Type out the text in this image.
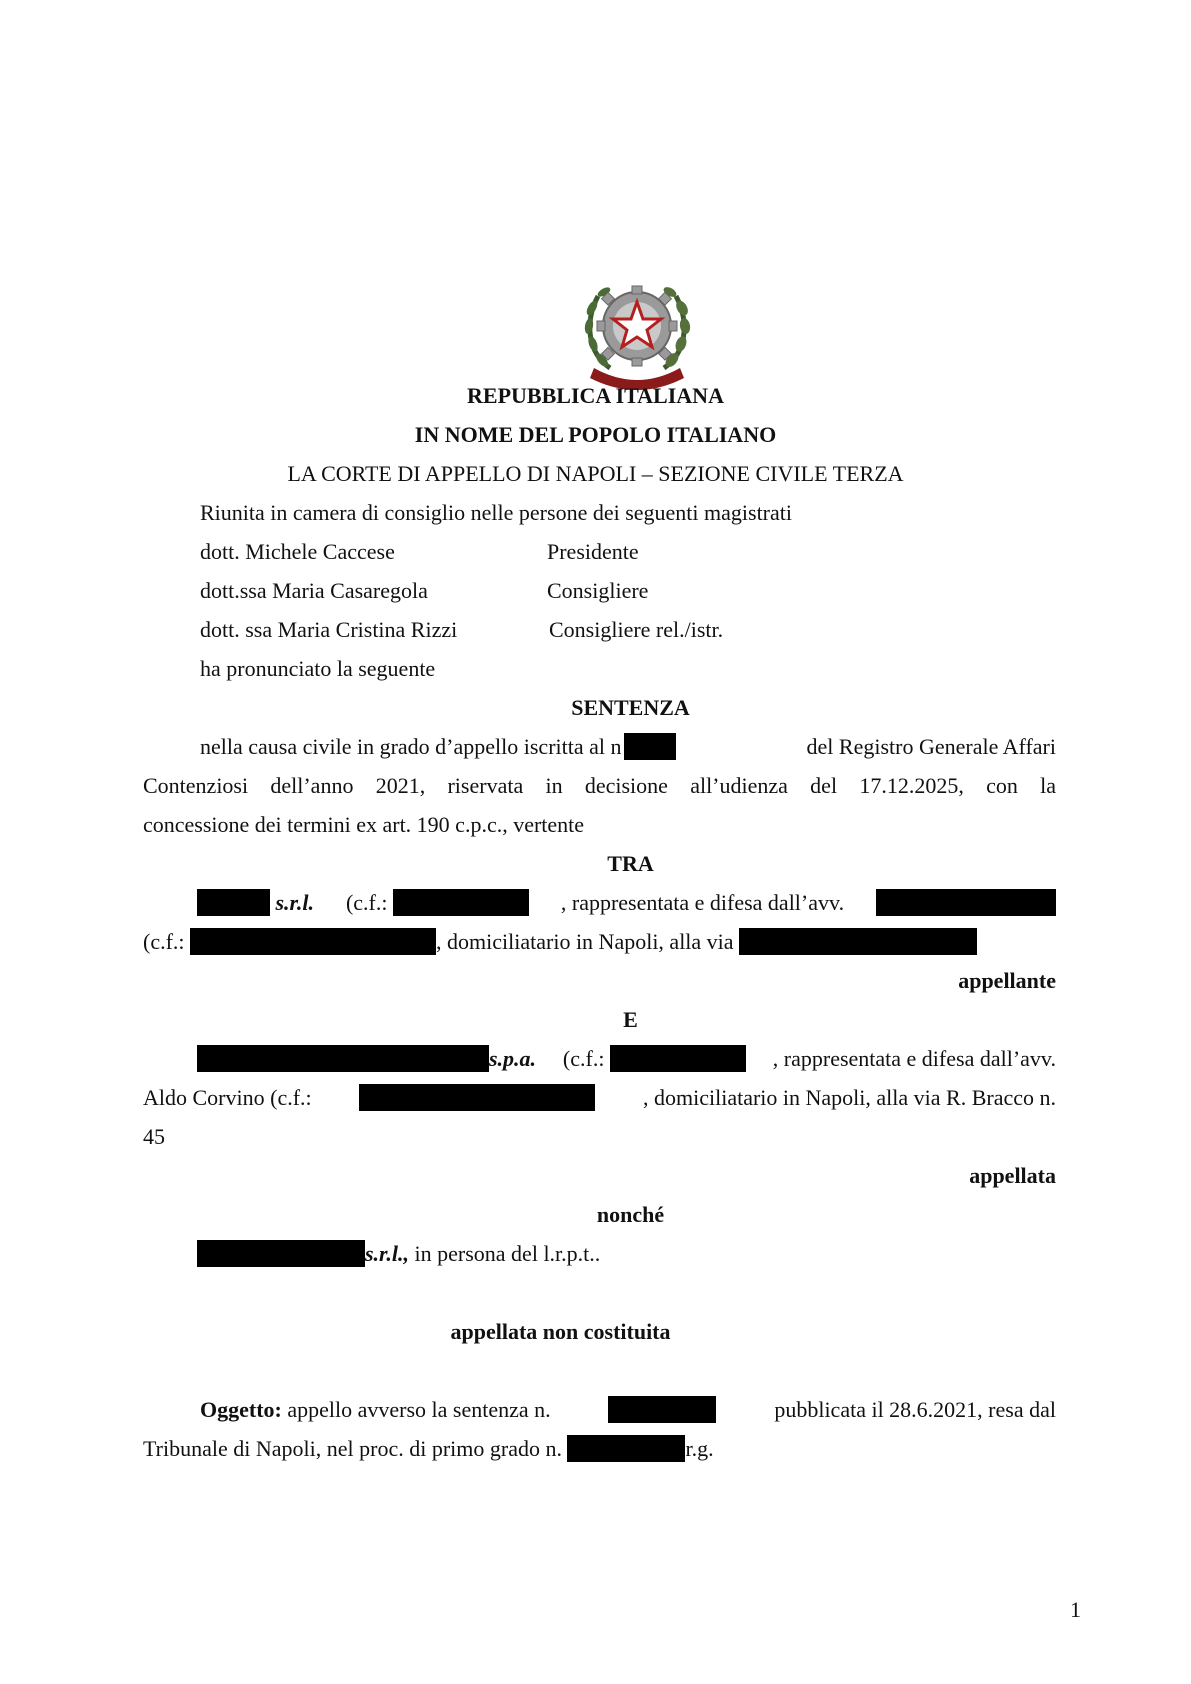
REPUBBLICA ITALIANA
IN NOME DEL POPOLO ITALIANO
LA CORTE DI APPELLO DI NAPOLI – SEZIONE CIVILE TERZA
Riunita in camera di consiglio nelle persone dei seguenti magistrati
dott. Michele Caccese	Presidente
dott.ssa Maria Casaregola	Consigliere
dott. ssa Maria Cristina Rizzi	Consigliere rel./istr.
ha pronunciato la seguente
SENTENZA
nella causa civile in grado d’appello iscritta al n	del Registro Generale Affari
Contenziosi dell’anno 2021, riservata in decisione all’udienza del 17.12.2025, con la
concessione dei termini ex art. 190 c.p.c., vertente
TRA
s.r.l. (c.f.:	, rappresentata e difesa dall’avv.
(c.f.:	, domiciliatario in Napoli, alla via
appellante
E
s.p.a. (c.f.:	, rappresentata e difesa dall’avv.
Aldo Corvino (c.f.:	, domiciliatario in Napoli, alla via R. Bracco n.
45
appellata
nonché
s.r.l., in persona del l.r.p.t..
appellata non costituita
Oggetto: appello avverso la sentenza n.	pubblicata il 28.6.2021, resa dal
Tribunale di Napoli, nel proc. di primo grado n.	r.g.
1
